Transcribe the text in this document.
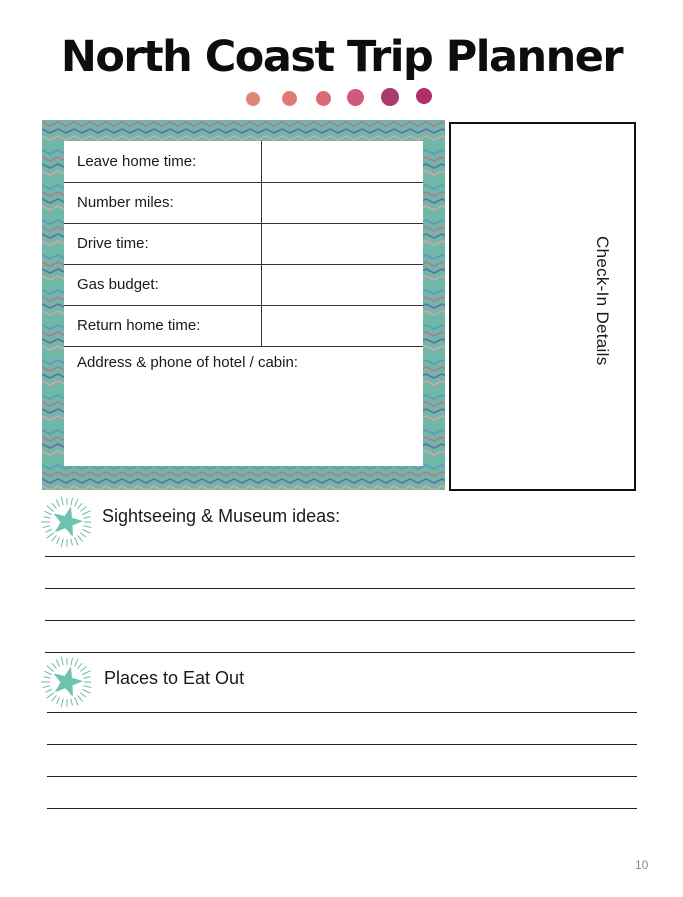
North Coast Trip Planner
Leave home time:
Number miles:
Drive time:
Gas budget:
Return home time:
Address & phone of hotel / cabin:	Check-In Details
Sightseeing & Museum ideas:
Places to Eat Out
10
